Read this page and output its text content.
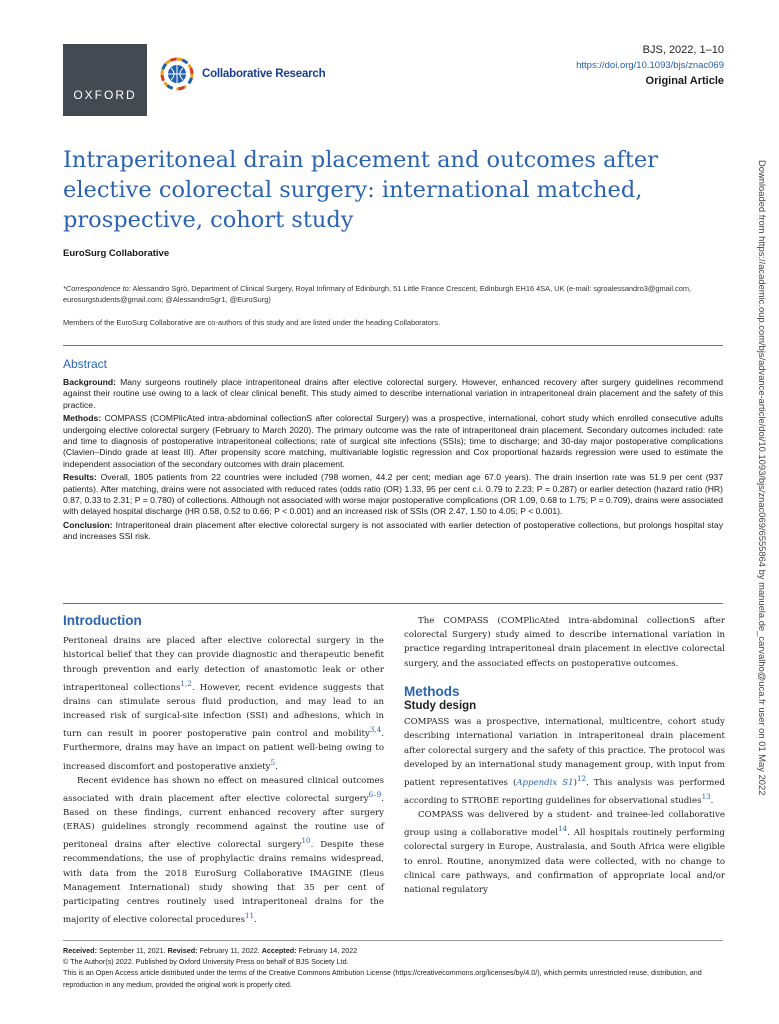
OXFORD
Collaborative Research
BJS, 2022, 1–10
https://doi.org/10.1093/bjs/znac069
Original Article
Intraperitoneal drain placement and outcomes after elective colorectal surgery: international matched, prospective, cohort study
EuroSurg Collaborative
*Correspondence to: Alessandro Sgrò, Department of Clinical Surgery, Royal Infirmary of Edinburgh, 51 Little France Crescent, Edinburgh EH16 4SA, UK (e-mail: sgroalessandro3@gmail.com, eurosurgstudents@gmail.com; @AlessandroSgr1, @EuroSurg)
Members of the EuroSurg Collaborative are co-authors of this study and are listed under the heading Collaborators.
Abstract

Background: Many surgeons routinely place intraperitoneal drains after elective colorectal surgery. However, enhanced recovery after surgery guidelines recommend against their routine use owing to a lack of clear clinical benefit. This study aimed to describe international variation in intraperitoneal drain placement and the safety of this practice.

Methods: COMPASS (COMPlicAted intra-abdominal collectionS after colorectal Surgery) was a prospective, international, cohort study which enrolled consecutive adults undergoing elective colorectal surgery (February to March 2020). The primary outcome was the rate of intraperitoneal drain placement. Secondary outcomes included: rate and time to diagnosis of postoperative intraperitoneal collections; rate of surgical site infections (SSIs); time to discharge; and 30-day major postoperative complications (Clavien–Dindo grade at least III). After propensity score matching, multivariable logistic regression and Cox proportional hazards regression were used to estimate the independent association of the secondary outcomes with drain placement.

Results: Overall, 1805 patients from 22 countries were included (798 women, 44.2 per cent; median age 67.0 years). The drain insertion rate was 51.9 per cent (937 patients). After matching, drains were not associated with reduced rates (odds ratio (OR) 1.33, 95 per cent c.i. 0.79 to 2.23; P = 0.287) or earlier detection (hazard ratio (HR) 0.87, 0.33 to 2.31; P = 0.780) of collections. Although not associated with worse major postoperative complications (OR 1.09, 0.68 to 1.75; P = 0.709), drains were associated with delayed hospital discharge (HR 0.58, 0.52 to 0.66; P < 0.001) and an increased risk of SSIs (OR 2.47, 1.50 to 4.05; P < 0.001).

Conclusion: Intraperitoneal drain placement after elective colorectal surgery is not associated with earlier detection of postoperative collections, but prolongs hospital stay and increases SSI risk.

Introduction

Peritoneal drains are placed after elective colorectal surgery in the historical belief that they can provide diagnostic and therapeutic benefit through prevention and early detection of anastomotic leak or other intraperitoneal collections$^{1,2}$. However, recent evidence suggests that drains can stimulate serous fluid production, and may lead to an increased risk of surgical-site infection (SSI) and adhesions, which in turn can result in poorer postoperative pain control and mobility$^{3,4}$. Furthermore, drains may have an impact on patient well-being owing to increased discomfort and postoperative anxiety$^5$.

Recent evidence has shown no effect on measured clinical outcomes associated with drain placement after elective colorectal surgery$^{6-9}$. Based on these findings, current enhanced recovery after surgery (ERAS) guidelines strongly recommend against the routine use of peritoneal drains after elective colorectal surgery$^{10}$. Despite these recommendations, the use of prophylactic drains remains widespread, with data from the 2018 EuroSurg Collaborative IMAGINE (Ileus Management International) study showing that 35 per cent of participating centres routinely used intraperitoneal drains for the majority of elective colorectal procedures$^{11}$.

The COMPASS (COMPlicAted intra-abdominal collectionS after colorectal Surgery) study aimed to describe international variation in practice regarding intraperitoneal drain placement in elective colorectal surgery, and the associated effects on postoperative outcomes.

Methods
Study design

COMPASS was a prospective, international, multicentre, cohort study describing international variation in intraperitoneal drain placement after colorectal surgery and the safety of this practice. The protocol was developed by an international study management group, with input from patient representatives (Appendix S1)$^{12}$. This analysis was performed according to STROBE reporting guidelines for observational studies$^{13}$.

COMPASS was delivered by a student- and trainee-led collaborative group using a collaborative model$^{14}$. All hospitals routinely performing colorectal surgery in Europe, Australasia, and South Africa were eligible to enrol. Routine, anonymized data were collected, with no change to clinical care pathways, and confirmation of appropriate local and/or national regulatory

Received: September 11, 2021. Revised: February 11, 2022. Accepted: February 14, 2022
© The Author(s) 2022. Published by Oxford University Press on behalf of BJS Society Ltd.
This is an Open Access article distributed under the terms of the Creative Commons Attribution License (https://creativecommons.org/licenses/by/4.0/), which permits unrestricted reuse, distribution, and reproduction in any medium, provided the original work is properly cited.
Downloaded from https://academic.oup.com/bjs/advance-article/doi/10.1093/bjs/znac069/6555864 by manuela.de_carvalho@uca.fr user on 01 May 2022
